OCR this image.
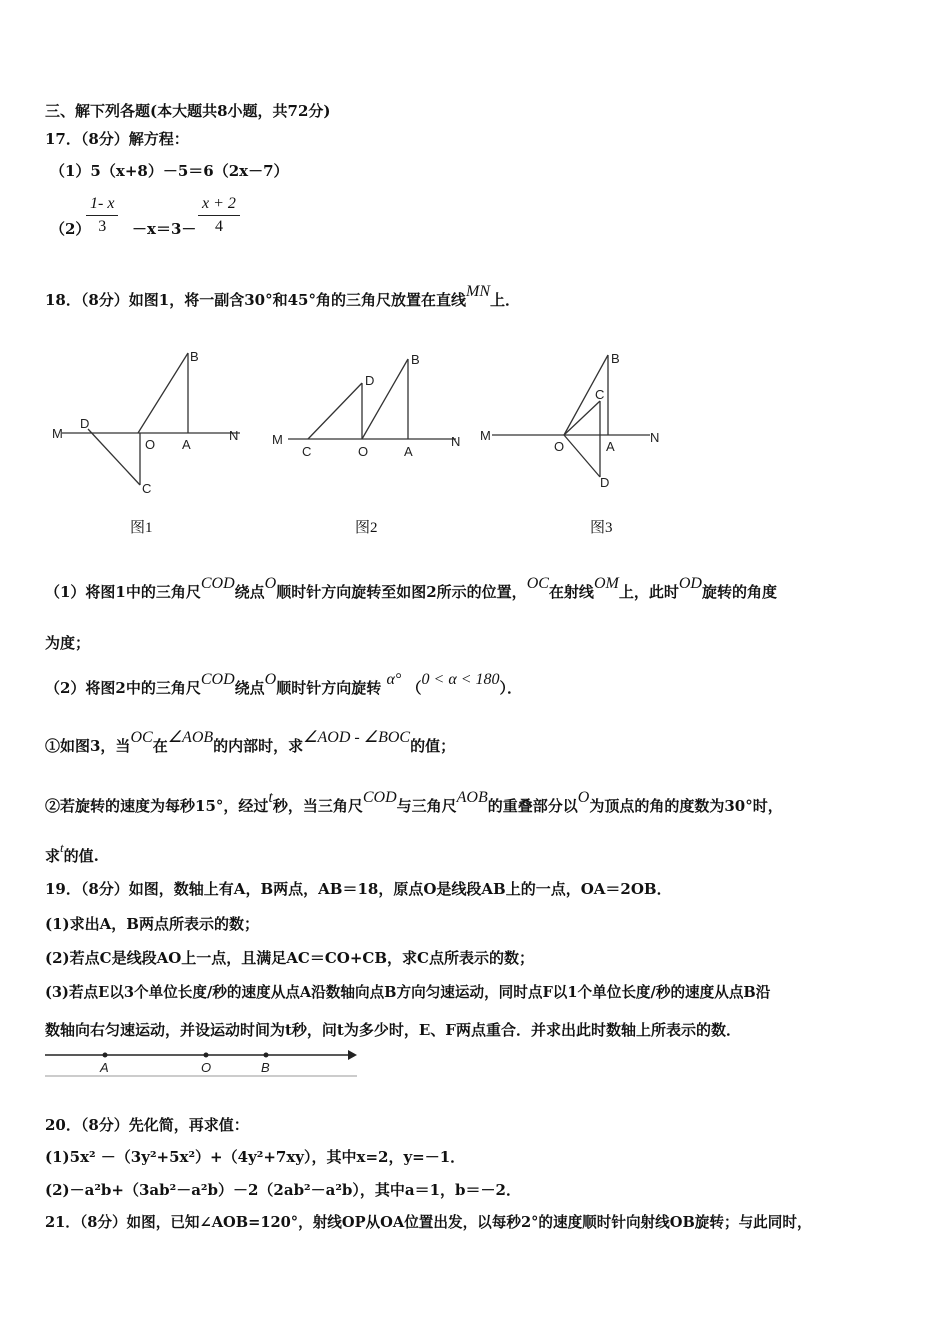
三、解下列各题(本大题共8小题，共72分)
17．（8分）解方程：
（1）5（x+8）－5＝6（2x－7）
（2）
$\frac{1- x}{3} -x=3- \frac{x + 2}{4}$
18．（8分）如图1，将一副含30°和45°角的三角尺放置在直线MN上．
M
D
O A
N
B
C
图1
M
C	O	A
N
D
B
图2
M
O	A
N
B
C
D
图3
（1）将图1中的三角尺COD绕点O顺时针方向旋转至如图2所示的位置，OC在射线OM上，此时OD旋转的角度
为度；
（2）将图2中的三角尺COD绕点O顺时针方向旋转 α° （0 < α < 180）．
①如图3，当OC在∠AOB的内部时，求∠AOD - ∠BOC的值；
②若旋转的速度为每秒15°，经过t秒，当三角尺COD与三角尺AOB的重叠部分以O为顶点的角的度数为30°时，
求t的值.
19．（8分）如图，数轴上有A，B两点，AB＝18，原点O是线段AB上的一点，OA＝2OB．
(1)求出A，B两点所表示的数；
(2)若点C是线段AO上一点，且满足AC＝CO+CB，求C点所表示的数；
(3)若点E以3个单位长度/秒的速度从点A沿数轴向点B方向匀速运动，同时点F以1个单位长度/秒的速度从点B沿
数轴向右匀速运动，并设运动时间为t秒，问t为多少时，E、F两点重合．并求出此时数轴上所表示的数．
A	O	B
20．（8分）先化简，再求值：
(1)5x² －（3y²+5x²）+（4y²+7xy），其中x=2，y=－1．
(2)－a²b+（3ab²－a²b）－2（2ab²－a²b），其中a＝1，b＝－2．
21．（8分）如图，已知∠AOB=120°，射线OP从OA位置出发，以每秒2°的速度顺时针向射线OB旋转；与此同时，
